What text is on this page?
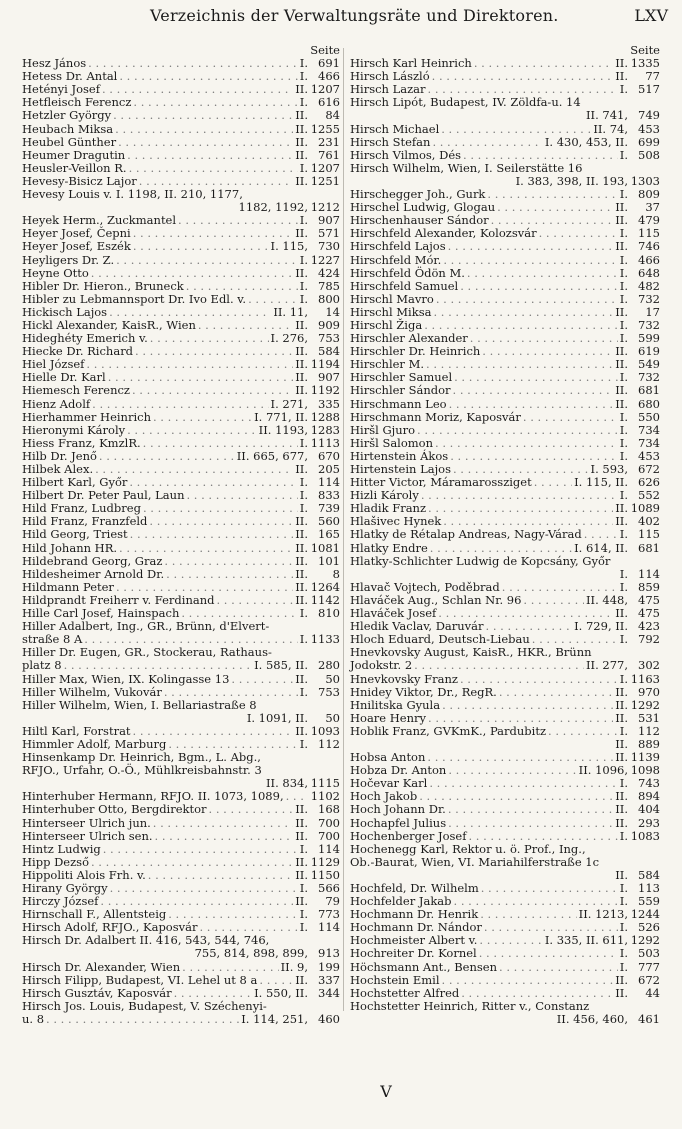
Verzeichnis der Verwaltungsräte und Direktoren.	LXV
Seite
Hesz János . . .	I. 691
Hetess Dr. Antal . . .	I. 466
Hetényi Josef . . .	II. 1207
Hetfleisch Ferencz . . .	I. 616
Hetzler György . . .	II.	84
Heubach Miksa . . .	II. 1255
Heubel Günther . . .	II. 231
Heumer Dragutin . . .	II. 761
Heusler-Veillon R. . . .	I. 1207
Hevesy-Bisicz Lajor . . .	II. 1251
Hevesy Louis v. I. 1198, II. 210, 1177,
1182, 1192, 1212
Heyek Herm., Zuckmantel . . .	I. 907
Heyer Josef, Čepni . . .	II. 571
Heyer Josef, Eszék . . .	I. 115, 730
Heyligers Dr. Z. . . .	I. 1227
Heyne Otto . . .	II. 424
Hibler Dr. Hieron., Bruneck . . .	I. 785
Hibler zu Lebmannsport Dr. Ivo Edl. v. . . .	I. 800
Hickisch Lajos . . .	II. 11,	14
Hickl Alexander, KaisR., Wien . . .	II. 909
Hideghéty Emerich v. . . .	I. 276, 753
Hiecke Dr. Richard . . .	II. 584
Hiel József . . .	II. 1194
Hielle Dr. Karl . . .	II. 907
Hiemesch Ferencz . . .	II. 1192
Hienz Adolf . . .	I. 271, 335
Hierhammer Heinrich . . .	I. 771, II. 1288
Hieronymi Károly . . .	II. 1193, 1283
Hiess Franz, KmzlR. . . .	I. 1113
Hilb Dr. Jenő . . .	II. 665, 677, 670
Hilbek Alex. . . .	II. 205
Hilbert Karl, Győr . . .	I. 114
Hilbert Dr. Peter Paul, Laun . . .	I. 833
Hild Franz, Ludbreg . . .	I. 739
Hild Franz, Franzfeld . . .	II. 560
Hild Georg, Triest . . .	II. 165
Hild Johann HR. . . .	II. 1081
Hildebrand Georg, Graz . . .	II. 101
Hildesheimer Arnold Dr. . . .	II.	8
Hildmann Peter . . .	II. 1264
Hildprandt Freiherr v. Ferdinand . . .	II. 1142
Hille Carl Josef, Hainspach . . .	I. 810
Hiller Adalbert, Ing., GR., Brünn, d'Elvert-
straße 8 A . . .	I. 1133
Hiller Dr. Eugen, GR., Stockerau, Rathaus-
platz 8 . . .	I. 585, II. 280
Hiller Max, Wien, IX. Kolingasse 13 . . .	II.	50
Hiller Wilhelm, Vukovár . . .	I. 753
Hiller Wilhelm, Wien, I. Bellariastraße 8
I. 1091, II.	50
Hiltl Karl, Forstrat . . .	II. 1093
Himmler Adolf, Marburg . . .	I. 112
Hinsenkamp Dr. Heinrich, Bgm., L. Abg.,
RFJO., Urfahr, O.-Ö., Mühlkreisbahnstr. 3
II. 834, 1115
Hinterhuber Hermann, RFJO. II. 1073, 1089, . . . 1102
Hinterhuber Otto, Bergdirektor . . .	II. 168
Hinterseer Ulrich jun. . . .	II. 700
Hinterseer Ulrich sen. . . .	II. 700
Hintz Ludwig . . .	I. 114
Hipp Dezső . . .	II. 1129
Hippoliti Alois Frh. v. . . .	II. 1150
Hirany György . . .	I. 566
Hirczy József . . .	II.	79
Hirnschall F., Allentsteig . . .	I. 773
Hirsch Adolf, RFJO., Kaposvár . . .	I. 114
Hirsch Dr. Adalbert II. 416, 543, 544, 746,
755, 814, 898, 899, 913
Hirsch Dr. Alexander, Wien . . .	II. 9, 199
Hirsch Filipp, Budapest, VI. Lehel ut 8 a . . .	II. 337
Hirsch Gusztáv, Kaposvár . . .	I. 550, II. 344
Hirsch Jos. Louis, Budapest, V. Széchenyi-
u. 8 . . .	I. 114, 251, 460
Seite
Hirsch Karl Heinrich . . .	II. 1335
Hirsch László . . .	II.	77
Hirsch Lazar . . .	I. 517
Hirsch Lipót, Budapest, IV. Zöldfa-u. 14
II. 741, 749
Hirsch Michael . . .	II. 74, 453
Hirsch Stefan . . .	I. 430, 453, II. 699
Hirsch Vilmos, Dés . . .	I. 508
Hirsch Wilhelm, Wien, I. Seilerstätte 16
I. 383, 398, II. 193, 1303
Hirschegger Joh., Gurk . . .	I. 809
Hirschel Ludwig, Glogau . . .	II.	37
Hirschenhauser Sándor . . .	II. 479
Hirschfeld Alexander, Kolozsvár . . .	I. 115
Hirschfeld Lajos . . .	II. 746
Hirschfeld Mór. . . .	I. 466
Hirschfeld Ödön M. . . .	I. 648
Hirschfeld Samuel . . .	I. 482
Hirschl Mavro . . .	I. 732
Hirschl Miksa . . .	II.	17
Hirschl Žiga . . .	I. 732
Hirschler Alexander . . .	I. 599
Hirschler Dr. Heinrich . . .	II. 619
Hirschler M. . . .	II. 549
Hirschler Samuel . . .	I. 732
Hirschler Sándor . . .	II. 681
Hirschmann Leo . . .	II. 680
Hirschmann Moriz, Kaposvár . . .	I. 550
Hiršl Gjuro . . .	I. 734
Hiršl Salomon . . .	I. 734
Hirtenstein Ákos . . .	I. 453
Hirtenstein Lajos . . .	I. 593, 672
Hitter Victor, Máramarossziget . . .	I. 115, II. 626
Hizli Károly . . .	I. 552
Hladik Franz . . .	II. 1089
Hlašivec Hynek . . .	II. 402
Hlatky de Rétalap Andreas, Nagy-Várad . . .	I. 115
Hlatky Endre . . .	I. 614, II. 681
Hlatky-Schlichter Ludwig de Kopcsány, Győr
I. 114
Hlavač Vojtech, Poděbrad . . .	I. 859
Hlaváček Aug., Schlan Nr. 96 . . .	II. 448, 475
Hlaváček Josef . . .	II. 475
Hledik Vaclav, Daruvár . . .	I. 729, II. 423
Hloch Eduard, Deutsch-Liebau . . .	I. 792
Hnevkovsky August, KaisR., HKR., Brünn
Jodokstr. 2 . . .	II. 277, 302
Hnevkovsky Franz . . .	I. 1163
Hnidey Viktor, Dr., RegR. . . .	II. 970
Hnilitska Gyula . . .	II. 1292
Hoare Henry . . .	II. 531
Hoblik Franz, GVKmK., Pardubitz . . .	I. 112
II. 889
Hobsa Anton . . .	II. 1139
Hobza Dr. Anton . . .	II. 1096, 1098
Hočevar Karl . . .	I. 743
Hoch Jakob . . .	II. 894
Hoch Johann Dr. . . .	II. 404
Hochapfel Julius . . .	II. 293
Hochenberger Josef . . .	I. 1083
Hochenegg Karl, Rektor u. ö. Prof., Ing.,
Ob.-Baurat, Wien, VI. Mariahilferstraße 1c
II. 584
Hochfeld, Dr. Wilhelm . . .	I. 113
Hochfelder Jakab . . .	I. 559
Hochmann Dr. Henrik . . .	II. 1213, 1244
Hochmann Dr. Nándor . . .	I. 526
Hochmeister Albert v. . . .	I. 335, II. 611, 1292
Hochreiter Dr. Kornel . . .	I. 503
Höchsmann Ant., Bensen . . .	I. 777
Hochstein Emil . . .	II. 672
Hochstetter Alfred . . .	II.	44
Hochstetter Heinrich, Ritter v., Constanz
II. 456, 460, 461
V
